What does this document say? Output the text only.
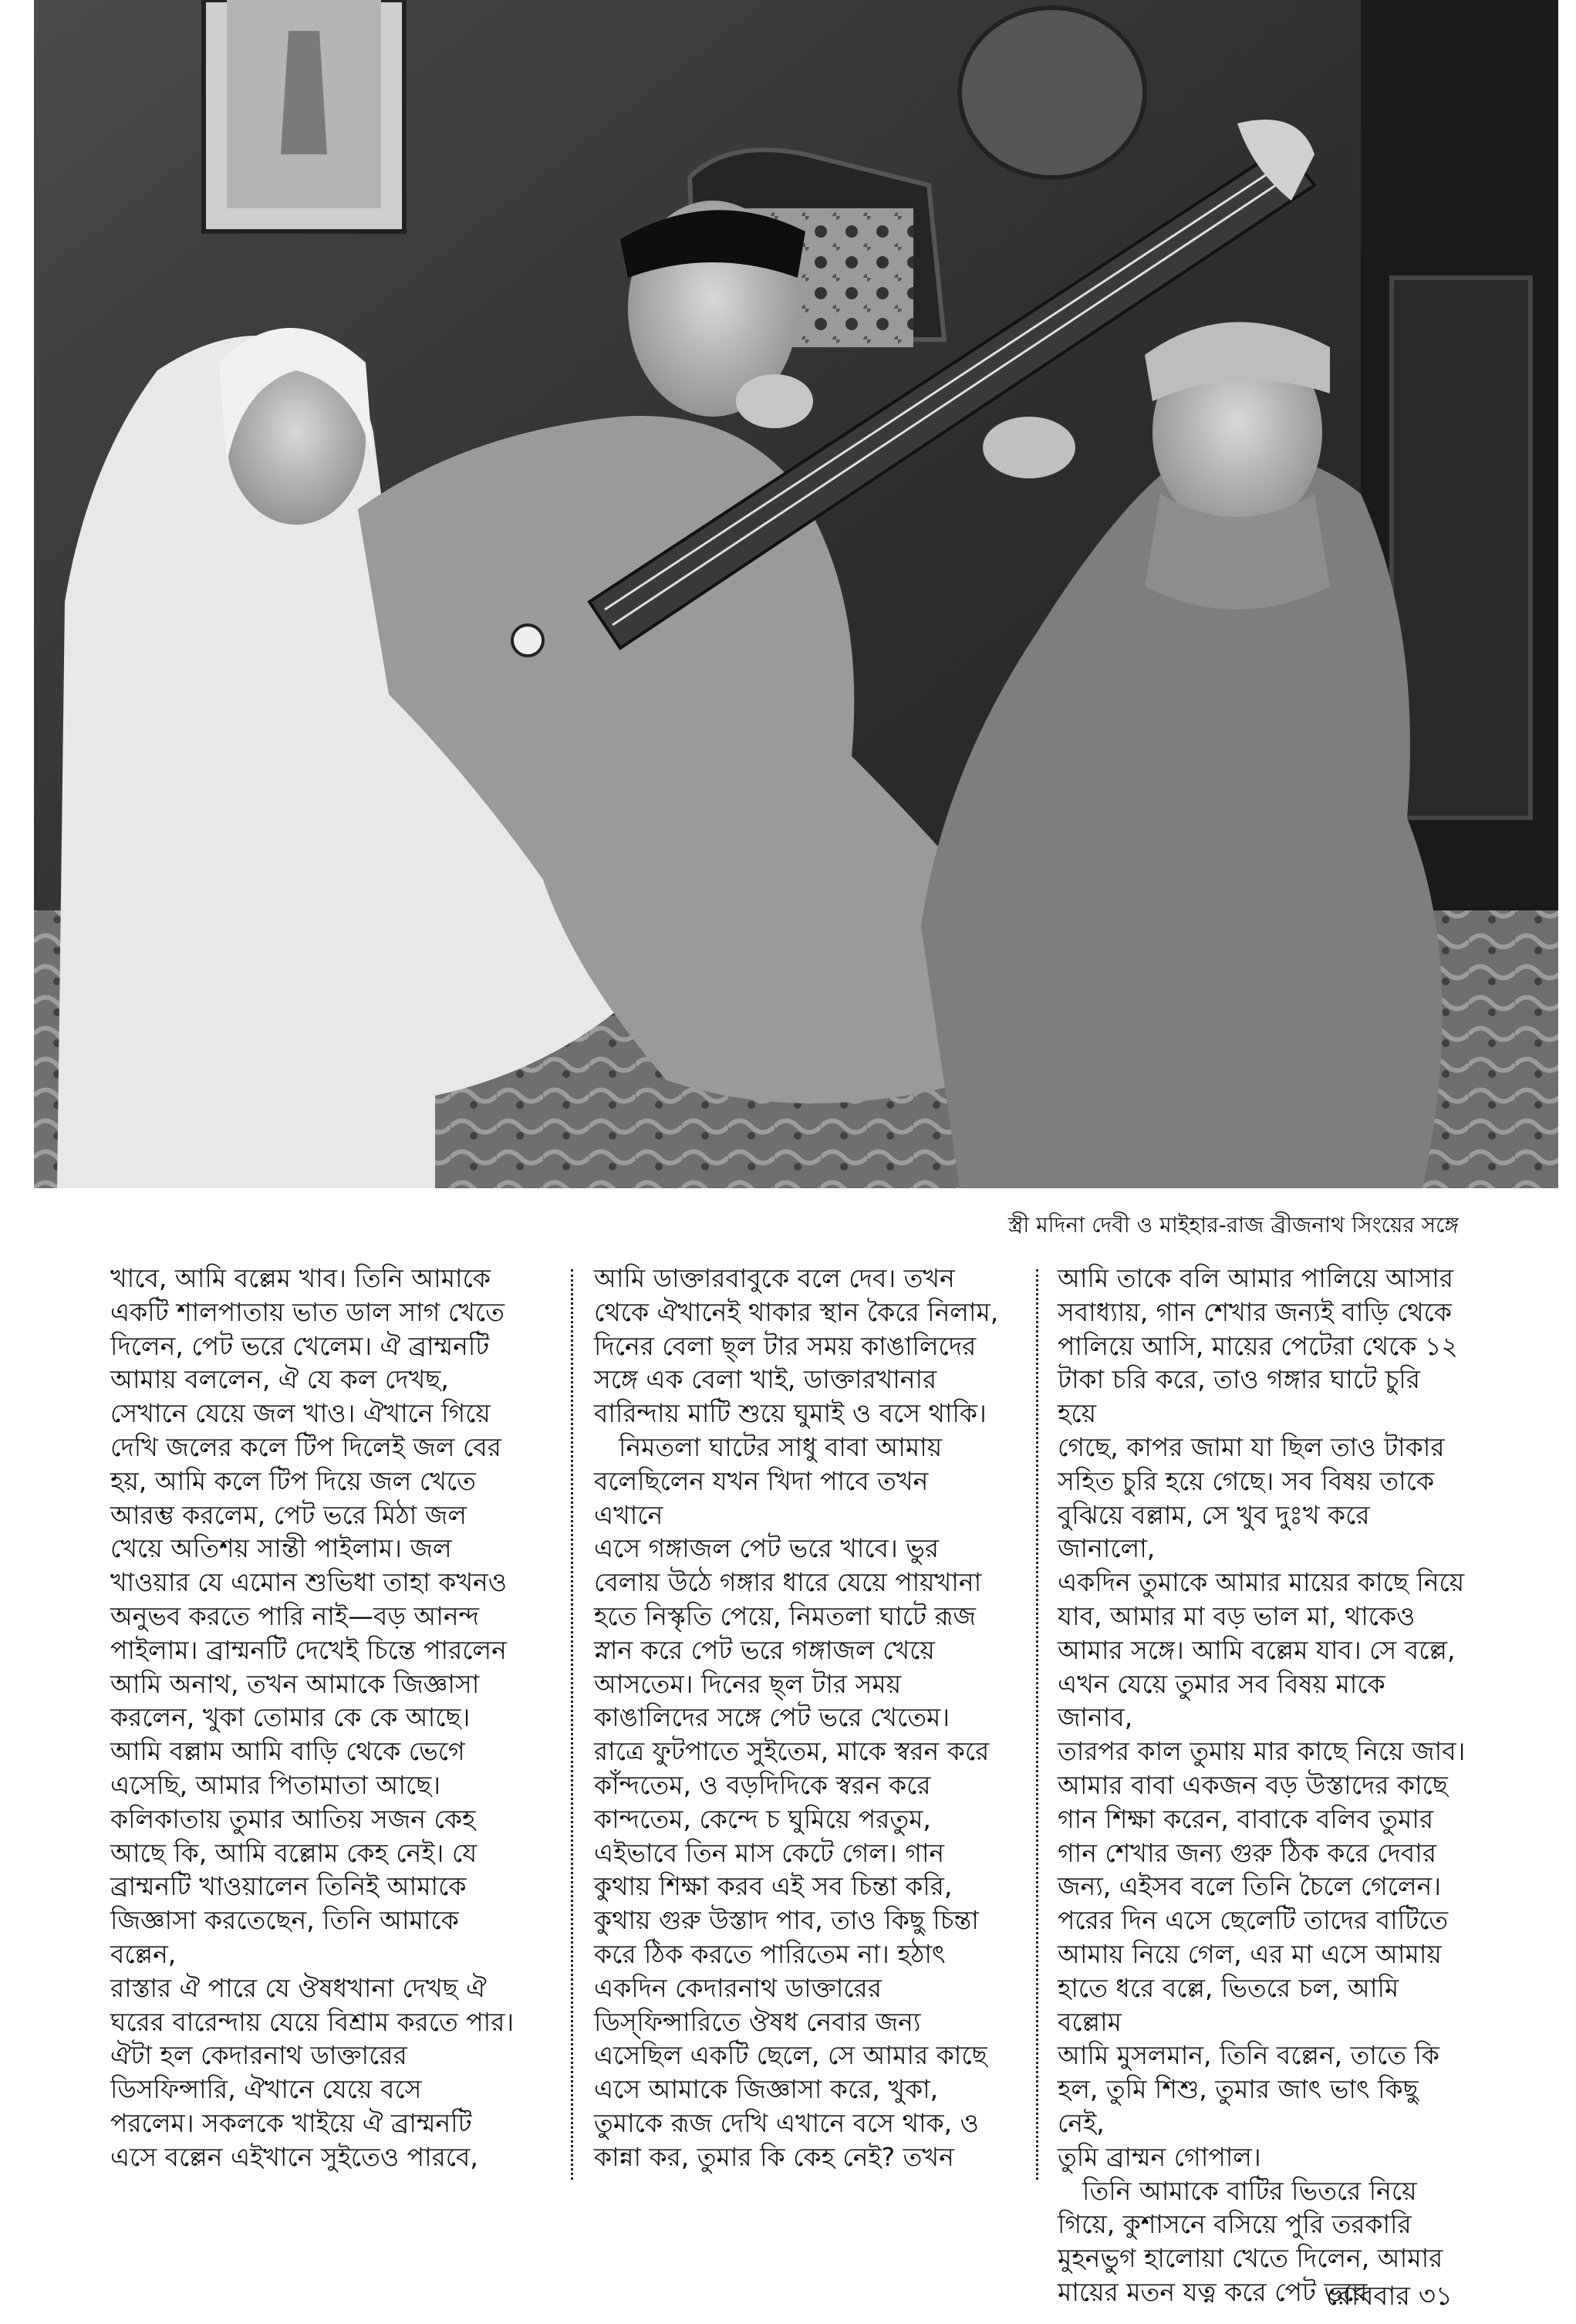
স্ত্রী মদিনা দেবী ও মাইহার-রাজ ব্রীজনাথ সিংয়ের সঙ্গে

খাবে, আমি বল্লেম খাব। তিনি আমাকে
একটি শালপাতায় ভাত ডাল সাগ খেতে
দিলেন, পেট ভরে খেলেম। ঐ ব্রাম্মনটি
আমায় বললেন, ঐ যে কল দেখছ,
সেখানে যেয়ে জল খাও। ঐখানে গিয়ে
দেখি জলের কলে টিপ দিলেই জল বের
হয়, আমি কলে টিপ দিয়ে জল খেতে
আরম্ভ করলেম, পেট ভরে মিঠা জল
খেয়ে অতিশয় সান্তী পাইলাম। জল
খাওয়ার যে এমোন শুভিধা তাহা কখনও
অনুভব করতে পারি নাই—বড় আনন্দ
পাইলাম। ব্রাম্মনটি দেখেই চিন্তে পারলেন
আমি অনাথ, তখন আমাকে জিজ্ঞাসা
করলেন, খুকা তোমার কে কে আছে।
আমি বল্লাম আমি বাড়ি থেকে ভেগে
এসেছি, আমার পিতামাতা আছে।
কলিকাতায় তুমার আতিয় সজন কেহ
আছে কি, আমি বল্লোম কেহ নেই। যে
ব্রাম্মনটি খাওয়ালেন তিনিই আমাকে
জিজ্ঞাসা করতেছেন, তিনি আমাকে বল্লেন,
রাস্তার ঐ পারে যে ঔষধখানা দেখছ ঐ
ঘরের বারেন্দায় যেয়ে বিশ্রাম করতে পার।
ঐটা হল কেদারনাথ ডাক্তারের
ডিসফিন্সারি, ঐখানে যেয়ে বসে
পরলেম। সকলকে খাইয়ে ঐ ব্রাম্মনটি
এসে বল্লেন এইখানে সুইতেও পারবে,

আমি ডাক্তারবাবুকে বলে দেব। তখন
থেকে ঐখানেই থাকার স্থান কৈরে নিলাম,
দিনের বেলা ছ্ল টার সময় কাঙালিদের
সঙ্গে এক বেলা খাই, ডাক্তারখানার
বারিন্দায় মাটি শুয়ে ঘুমাই ও বসে থাকি।

নিমতলা ঘাটের সাধু বাবা আমায়
বলেছিলেন যখন খিদা পাবে তখন এখানে
এসে গঙ্গাজল পেট ভরে খাবে। ভুর
বেলায় উঠে গঙ্গার ধারে যেয়ে পায়খানা
হতে নিস্কৃতি পেয়ে, নিমতলা ঘাটে রূজ
স্নান করে পেট ভরে গঙ্গাজল খেয়ে
আসতেম। দিনের ছ্ল টার সময়
কাঙালিদের সঙ্গে পেট ভরে খেতেম।
রাত্রে ফুটপাতে সুইতেম, মাকে স্বরন করে
কাঁন্দতেম, ও বড়দিদিকে স্বরন করে
কান্দতেম, কেন্দে চ ঘুমিয়ে পরতুম,
এইভাবে তিন মাস কেটে গেল। গান
কুথায় শিক্ষা করব এই সব চিন্তা করি,
কুথায় গুরু উস্তাদ পাব, তাও কিছু চিন্তা
করে ঠিক করতে পারিতেম না। হঠাৎ
একদিন কেদারনাথ ডাক্তারের
ডিস্‌ফিন্সারিতে ঔষধ নেবার জন্য
এসেছিল একটি ছেলে, সে আমার কাছে
এসে আমাকে জিজ্ঞাসা করে, খুকা,
তুমাকে রূজ দেখি এখানে বসে থাক, ও
কান্না কর, তুমার কি কেহ নেই? তখন

আমি তাকে বলি আমার পালিয়ে আসার
সবাধ্যায়, গান শেখার জন্যই বাড়ি থেকে
পালিয়ে আসি, মায়ের পেটেরা থেকে ১২
টাকা চরি করে, তাও গঙ্গার ঘাটে চুরি হয়ে
গেছে, কাপর জামা যা ছিল তাও টাকার
সহিত চুরি হয়ে গেছে। সব বিষয় তাকে
বুঝিয়ে বল্লাম, সে খুব দুঃখ করে জানালো,
একদিন তুমাকে আমার মায়ের কাছে নিয়ে
যাব, আমার মা বড় ভাল মা, থাকেও
আমার সঙ্গে। আমি বল্লেম যাব। সে বল্লে,
এখন যেয়ে তুমার সব বিষয় মাকে জানাব,
তারপর কাল তুমায় মার কাছে নিয়ে জাব।
আমার বাবা একজন বড় উস্তাদের কাছে
গান শিক্ষা করেন, বাবাকে বলিব তুমার
গান শেখার জন্য গুরু ঠিক করে দেবার
জন্য, এইসব বলে তিনি চৈলে গেলেন।
পরের দিন এসে ছেলেটি তাদের বাটিতে
আমায় নিয়ে গেল, এর মা এসে আমায়
হাতে ধরে বল্লে, ভিতরে চল, আমি বল্লোম
আমি মুসলমান, তিনি বল্লেন, তাতে কি
হল, তুমি শিশু, তুমার জাৎ ভাৎ কিছু নেই,
তুমি ব্রাম্মন গোপাল।

তিনি আমাকে বাটির ভিতরে নিয়ে
গিয়ে, কুশাসনে বসিয়ে পুরি তরকারি
মুহনভুগ হালোয়া খেতে দিলেন, আমার
মায়ের মতন যত্ন করে পেট ভরে

রোববার ৩১
